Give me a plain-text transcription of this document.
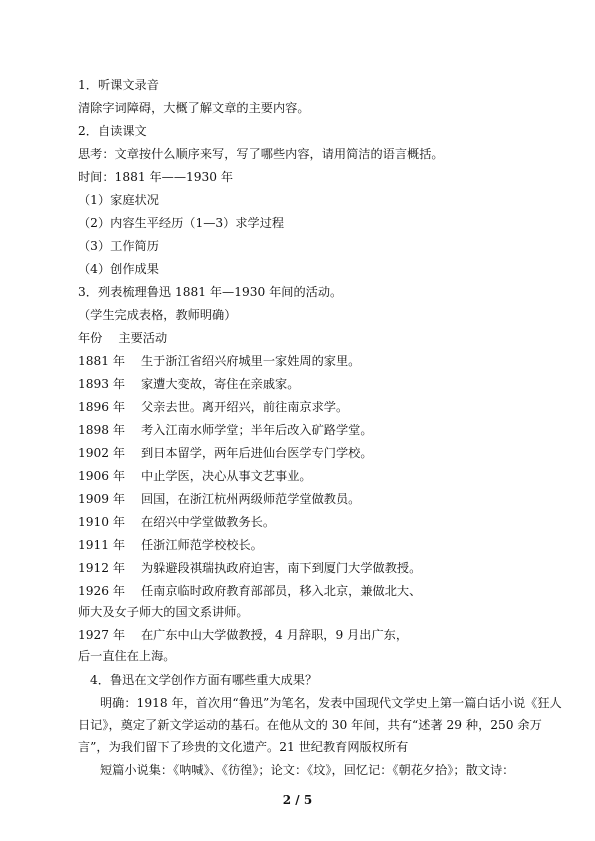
1．听课文录音
清除字词障碍，大概了解文章的主要内容。
2．自读课文
思考：文章按什么顺序来写，写了哪些内容，请用简洁的语言概括。
时间：1881 年——1930 年
（1）家庭状况
（2）内容生平经历（1—3）求学过程
（3）工作简历
（4）创作成果
3．列表梳理鲁迅 1881 年—1930 年间的活动。
（学生完成表格，教师明确）
年份　 主要活动
1881 年 生于浙江省绍兴府城里一家姓周的家里。
1893 年 家遭大变故，寄住在亲戚家。
1896 年 父亲去世。离开绍兴，前往南京求学。
1898 年 考入江南水师学堂；半年后改入矿路学堂。
1902 年 到日本留学，两年后进仙台医学专门学校。
1906 年 中止学医，决心从事文艺事业。
1909 年 回国，在浙江杭州两级师范学堂做教员。
1910 年 在绍兴中学堂做教务长。
1911 年 任浙江师范学校校长。
1912 年 为躲避段祺瑞执政府迫害，南下到厦门大学做教授。
1926 年 任南京临时政府教育部部员，移入北京，兼做北大、
师大及女子师大的国文系讲师。
1927 年 在广东中山大学做教授，4 月辞职，9 月出广东，
后一直住在上海。
4．鲁迅在文学创作方面有哪些重大成果？
明确：1918 年，首次用“鲁迅”为笔名，发表中国现代文学史上第一篇白话小说《狂人
日记》，奠定了新文学运动的基石。在他从文的 30 年间，共有“述著 29 种，250 余万
言”，为我们留下了珍贵的文化遗产。21 世纪教育网版权所有
短篇小说集：《呐喊》、《彷徨》；论文：《坟》，回忆记：《朝花夕拾》；散文诗：
2 / 5
